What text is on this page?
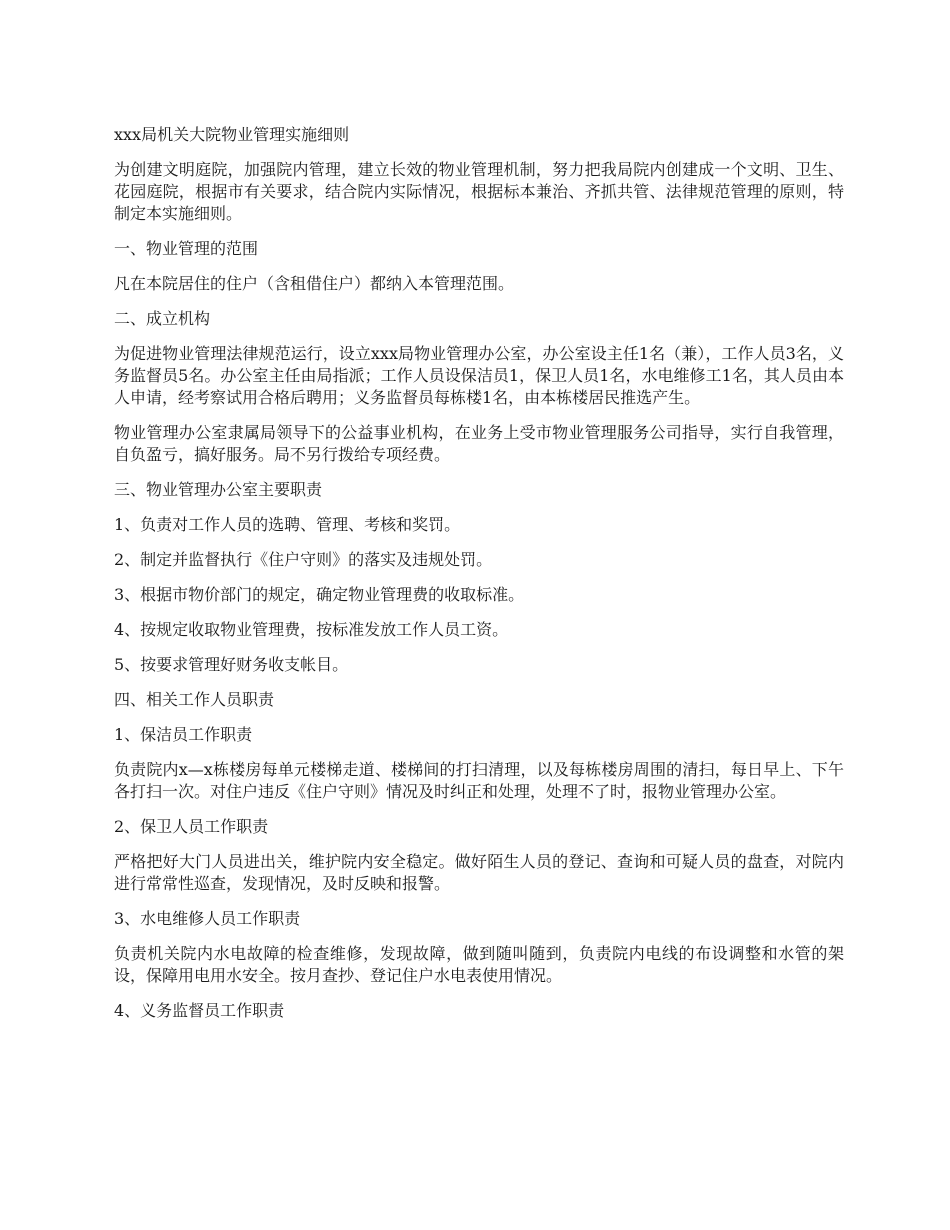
xxx局机关大院物业管理实施细则

为创建文明庭院，加强院内管理，建立长效的物业管理机制，努力把我局院内创建成一个文明、卫生、花园庭院，根据市有关要求，结合院内实际情况，根据标本兼治、齐抓共管、法律规范管理的原则，特制定本实施细则。

一、物业管理的范围

凡在本院居住的住户（含租借住户）都纳入本管理范围。

二、成立机构

为促进物业管理法律规范运行，设立xxx局物业管理办公室，办公室设主任1名（兼），工作人员3名，义务监督员5名。办公室主任由局指派；工作人员设保洁员1，保卫人员1名，水电维修工1名，其人员由本人申请，经考察试用合格后聘用；义务监督员每栋楼1名，由本栋楼居民推选产生。

物业管理办公室隶属局领导下的公益事业机构，在业务上受市物业管理服务公司指导，实行自我管理，自负盈亏，搞好服务。局不另行拨给专项经费。

三、物业管理办公室主要职责

1、负责对工作人员的选聘、管理、考核和奖罚。

2、制定并监督执行《住户守则》的落实及违规处罚。

3、根据市物价部门的规定，确定物业管理费的收取标准。

4、按规定收取物业管理费，按标准发放工作人员工资。

5、按要求管理好财务收支帐目。

四、相关工作人员职责

1、保洁员工作职责

负责院内x—x栋楼房每单元楼梯走道、楼梯间的打扫清理，以及每栋楼房周围的清扫，每日早上、下午各打扫一次。对住户违反《住户守则》情况及时纠正和处理，处理不了时，报物业管理办公室。

2、保卫人员工作职责

严格把好大门人员进出关，维护院内安全稳定。做好陌生人员的登记、查询和可疑人员的盘查，对院内进行常常性巡查，发现情况，及时反映和报警。

3、水电维修人员工作职责

负责机关院内水电故障的检查维修，发现故障，做到随叫随到，负责院内电线的布设调整和水管的架设，保障用电用水安全。按月查抄、登记住户水电表使用情况。

4、义务监督员工作职责
